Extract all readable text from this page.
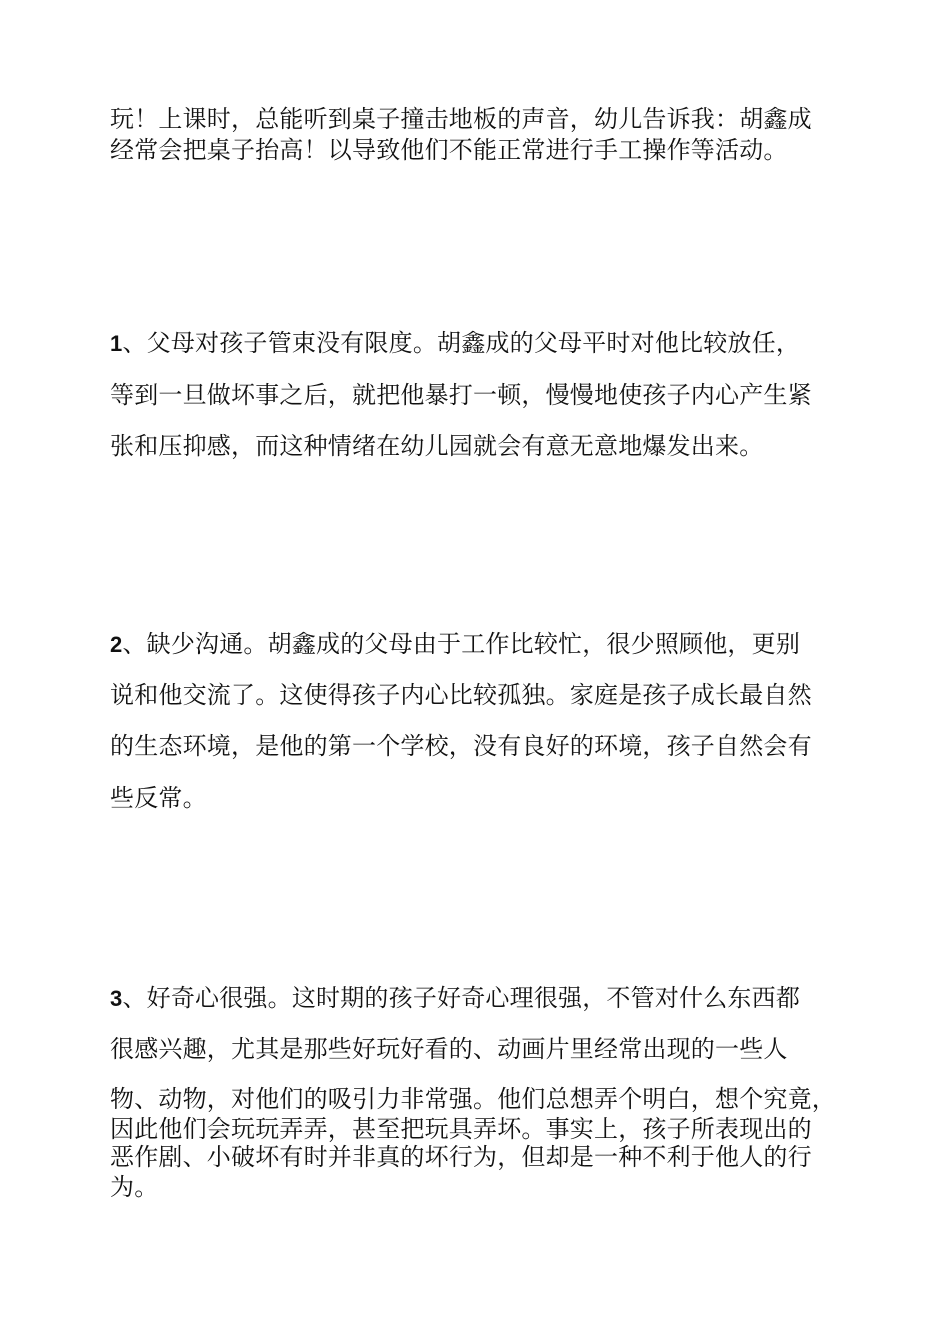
玩！上课时，总能听到桌子撞击地板的声音，幼儿告诉我：胡鑫成
经常会把桌子抬高！以导致他们不能正常进行手工操作等活动。
1、父母对孩子管束没有限度。胡鑫成的父母平时对他比较放任，
等到一旦做坏事之后，就把他暴打一顿，慢慢地使孩子内心产生紧
张和压抑感，而这种情绪在幼儿园就会有意无意地爆发出来。
2、缺少沟通。胡鑫成的父母由于工作比较忙，很少照顾他，更别
说和他交流了。这使得孩子内心比较孤独。家庭是孩子成长最自然
的生态环境，是他的第一个学校，没有良好的环境，孩子自然会有
些反常。
3、好奇心很强。这时期的孩子好奇心理很强，不管对什么东西都
很感兴趣，尤其是那些好玩好看的、动画片里经常出现的一些人
物、动物，对他们的吸引力非常强。他们总想弄个明白，想个究竟，
因此他们会玩玩弄弄，甚至把玩具弄坏。事实上，孩子所表现出的
恶作剧、小破坏有时并非真的坏行为，但却是一种不利于他人的行
为。
